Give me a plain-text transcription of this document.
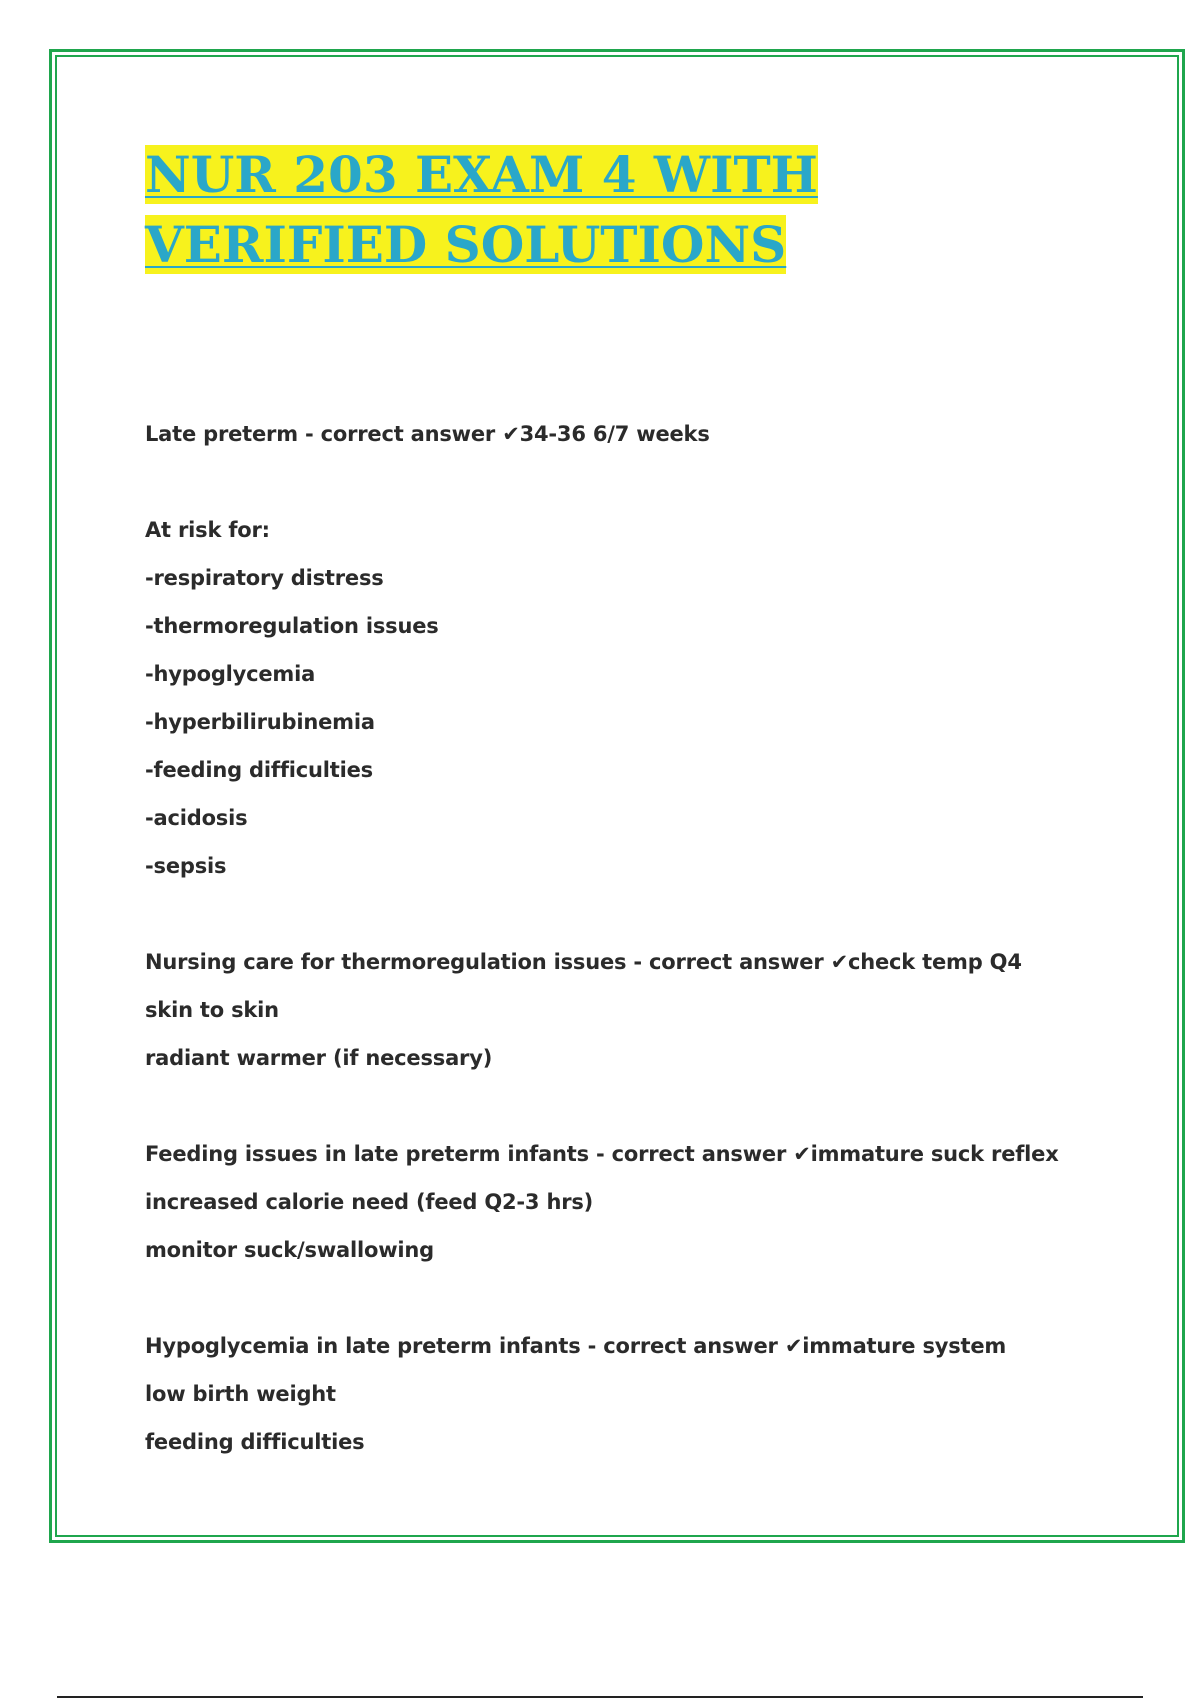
NUR 203 EXAM 4 WITH VERIFIED SOLUTIONS
Late preterm - correct answer ✔34-36 6/7 weeks
At risk for:
-respiratory distress
-thermoregulation issues
-hypoglycemia
-hyperbilirubinemia
-feeding difficulties
-acidosis
-sepsis
Nursing care for thermoregulation issues - correct answer ✔check temp Q4
skin to skin
radiant warmer (if necessary)
Feeding issues in late preterm infants - correct answer ✔immature suck reflex
increased calorie need (feed Q2-3 hrs)
monitor suck/swallowing
Hypoglycemia in late preterm infants - correct answer ✔immature system
low birth weight
feeding difficulties
